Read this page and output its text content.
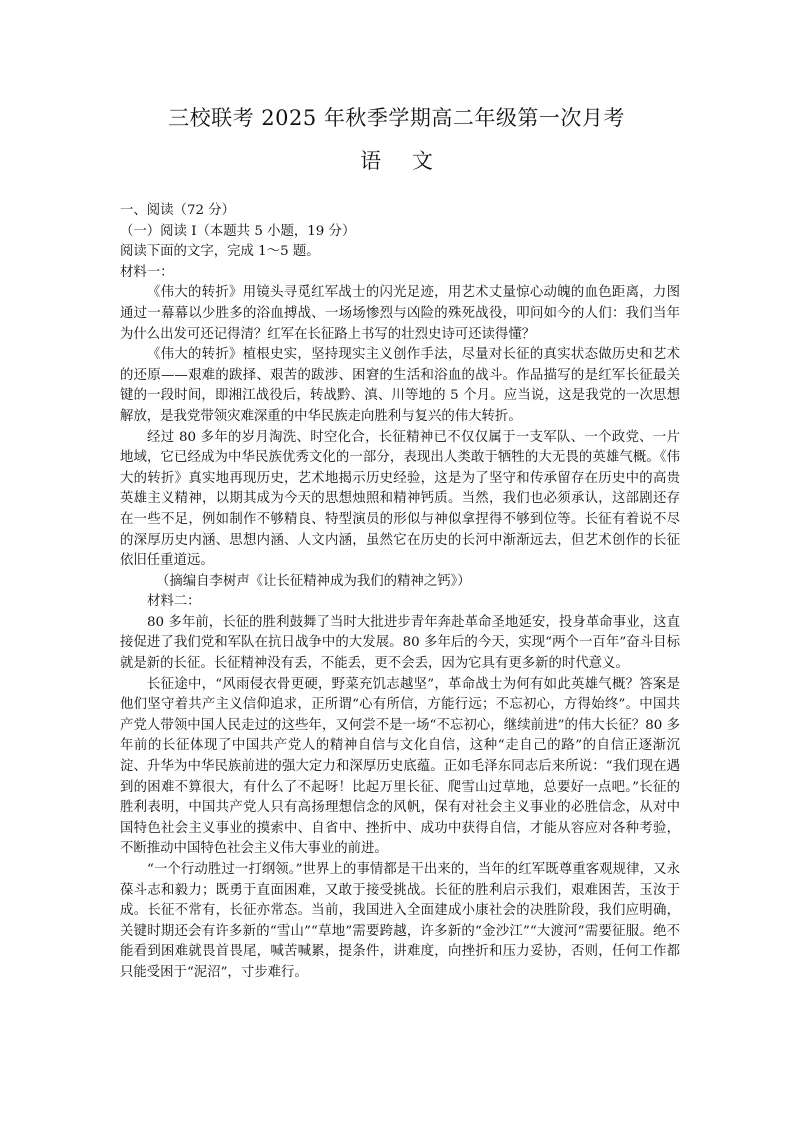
三校联考 2025 年秋季学期高二年级第一次月考
语 文

一、阅读（72 分）

（一）阅读 I（本题共 5 小题，19 分）

阅读下面的文字，完成 1～5 题。

材料一：

《伟大的转折》用镜头寻觅红军战士的闪光足迹，用艺术丈量惊心动魄的血色距离，力图通过一幕幕以少胜多的浴血搏战、一场场惨烈与凶险的殊死战役，叩问如今的人们：我们当年为什么出发可还记得清？红军在长征路上书写的壮烈史诗可还读得懂？

《伟大的转折》植根史实，坚持现实主义创作手法，尽量对长征的真实状态做历史和艺术的还原——艰难的跋择、艰苦的跋涉、困窘的生活和浴血的战斗。作品描写的是红军长征最关键的一段时间，即湘江战役后，转战黔、滇、川等地的 5 个月。应当说，这是我党的一次思想解放，是我党带领灾难深重的中华民族走向胜利与复兴的伟大转折。

经过 80 多年的岁月淘洗、时空化合，长征精神已不仅仅属于一支军队、一个政党、一片地域，它已经成为中华民族优秀文化的一部分，表现出人类敢于牺牲的大无畏的英雄气概。《伟大的转折》真实地再现历史，艺术地揭示历史经验，这是为了坚守和传承留存在历史中的高贵英雄主义精神，以期其成为今天的思想烛照和精神钙质。当然，我们也必须承认，这部剧还存在一些不足，例如制作不够精良、特型演员的形似与神似拿捏得不够到位等。长征有着说不尽的深厚历史内涵、思想内涵、人文内涵，虽然它在历史的长河中渐渐远去，但艺术创作的长征依旧任重道远。

（摘编自李树声《让长征精神成为我们的精神之钙》）

材料二：

80 多年前，长征的胜利鼓舞了当时大批进步青年奔赴革命圣地延安，投身革命事业，这直接促进了我们党和军队在抗日战争中的大发展。80 多年后的今天，实现“两个一百年”奋斗目标就是新的长征。长征精神没有丢，不能丢，更不会丢，因为它具有更多新的时代意义。

长征途中，“风雨侵衣骨更硬，野菜充饥志越坚”，革命战士为何有如此英雄气概？答案是他们坚守着共产主义信仰追求，正所谓“心有所信，方能行远；不忘初心，方得始终”。中国共产党人带领中国人民走过的这些年，又何尝不是一场“不忘初心，继续前进”的伟大长征？80 多年前的长征体现了中国共产党人的精神自信与文化自信，这种“走自己的路”的自信正逐渐沉淀、升华为中华民族前进的强大定力和深厚历史底蕴。正如毛泽东同志后来所说：“我们现在遇到的困难不算很大，有什么了不起呀！比起万里长征、爬雪山过草地，总要好一点吧。”长征的胜利表明，中国共产党人只有高扬理想信念的风帆，保有对社会主义事业的必胜信念，从对中国特色社会主义事业的摸索中、自省中、挫折中、成功中获得自信，才能从容应对各种考验，不断推动中国特色社会主义伟大事业的前进。

“一个行动胜过一打纲领。”世界上的事情都是干出来的，当年的红军既尊重客观规律，又永葆斗志和毅力；既勇于直面困难，又敢于接受挑战。长征的胜利启示我们，艰难困苦，玉汝于成。长征不常有，长征亦常态。当前，我国进入全面建成小康社会的决胜阶段，我们应明确，关键时期还会有许多新的“雪山”“草地”需要跨越，许多新的“金沙江”“大渡河”需要征服。绝不能看到困难就畏首畏尾，喊苦喊累，提条件，讲难度，向挫折和压力妥协，否则，任何工作都只能受困于“泥沼”，寸步难行。
